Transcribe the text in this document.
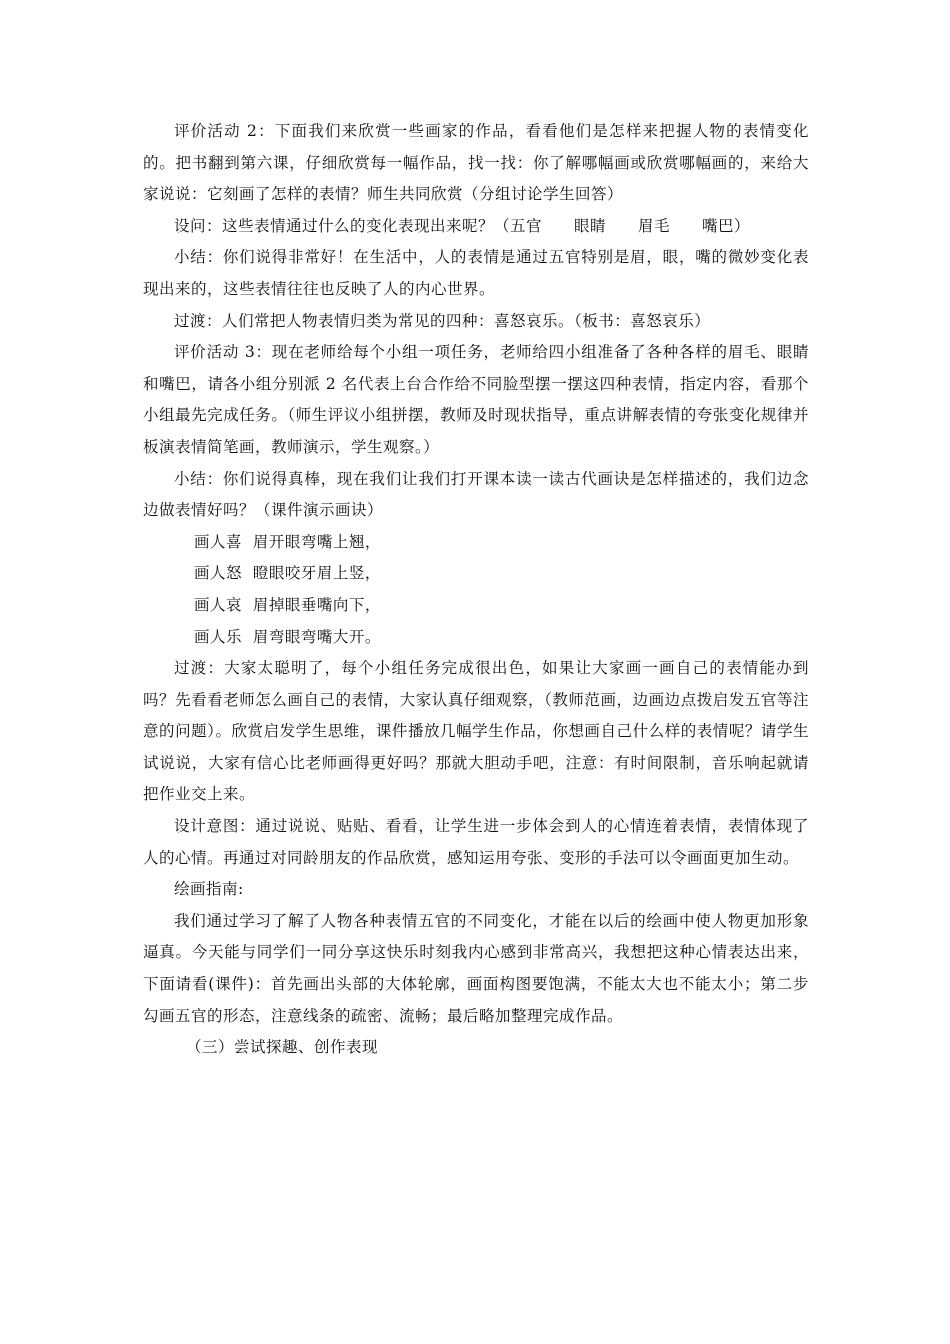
评价活动 2：下面我们来欣赏一些画家的作品，看看他们是怎样来把握人物的表情变化的。把书翻到第六课，仔细欣赏每一幅作品，找一找：你了解哪幅画或欣赏哪幅画的，来给大家说说：它刻画了怎样的表情？师生共同欣赏（分组讨论学生回答）

设问：这些表情通过什么的变化表现出来呢？（五官　　眼睛　　眉毛　　嘴巴）

小结：你们说得非常好！在生活中，人的表情是通过五官特别是眉，眼，嘴的微妙变化表现出来的，这些表情往往也反映了人的内心世界。

过渡：人们常把人物表情归类为常见的四种：喜怒哀乐。（板书：喜怒哀乐）

评价活动 3：现在老师给每个小组一项任务，老师给四小组准备了各种各样的眉毛、眼睛和嘴巴，请各小组分别派 2 名代表上台合作给不同脸型摆一摆这四种表情，指定内容，看那个小组最先完成任务。（师生评议小组拼摆，教师及时现状指导，重点讲解表情的夸张变化规律并板演表情简笔画，教师演示，学生观察。）

小结：你们说得真棒，现在我们让我们打开课本读一读古代画诀是怎样描述的，我们边念边做表情好吗？（课件演示画诀）

画人喜  眉开眼弯嘴上翘，

画人怒  瞪眼咬牙眉上竖，

画人哀  眉掉眼垂嘴向下，

画人乐  眉弯眼弯嘴大开。

过渡：大家太聪明了，每个小组任务完成很出色，如果让大家画一画自己的表情能办到吗？先看看老师怎么画自己的表情，大家认真仔细观察，（教师范画，边画边点拨启发五官等注意的问题）。欣赏启发学生思维，课件播放几幅学生作品，你想画自己什么样的表情呢？请学生试说说，大家有信心比老师画得更好吗？那就大胆动手吧，注意：有时间限制，音乐响起就请把作业交上来。

设计意图：通过说说、贴贴、看看，让学生进一步体会到人的心情连着表情，表情体现了人的心情。再通过对同龄朋友的作品欣赏，感知运用夸张、变形的手法可以令画面更加生动。

绘画指南:

我们通过学习了解了人物各种表情五官的不同变化，才能在以后的绘画中使人物更加形象逼真。今天能与同学们一同分享这快乐时刻我内心感到非常高兴，我想把这种心情表达出来，下面请看(课件)：首先画出头部的大体轮廓，画面构图要饱满，不能太大也不能太小；第二步勾画五官的形态，注意线条的疏密、流畅；最后略加整理完成作品。

（三）尝试探趣、创作表现
